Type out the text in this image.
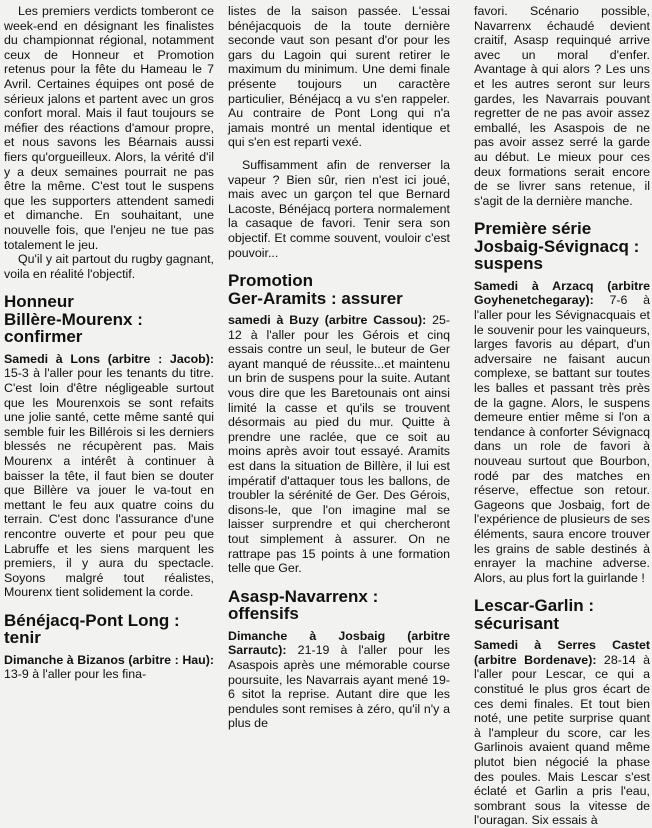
Les premiers verdicts tomberont ce week-end en désignant les finalistes du championnat régional, notamment ceux de Honneur et Promotion retenus pour la fête du Hameau le 7 Avril. Certaines équipes ont posé de sérieux jalons et partent avec un gros confort moral. Mais il faut toujours se méfier des réactions d'amour propre, et nous savons les Béarnais aussi fiers qu'orgueilleux. Alors, la vérité d'il y a deux semaines pourrait ne pas être la même. C'est tout le suspens que les supporters attendent samedi et dimanche. En souhaitant, une nouvelle fois, que l'enjeu ne tue pas totalement le jeu.

Qu'il y ait partout du rugby gagnant, voila en réalité l'objectif.

Honneur
Billère-Mourenx :
confirmer

Samedi à Lons (arbitre : Jacob): 15-3 à l'aller pour les tenants du titre. C'est loin d'être négligeable surtout que les Mourenxois se sont refaits une jolie santé, cette même santé qui semble fuir les Billérois si les derniers blessés ne récupèrent pas. Mais Mourenx a intérêt à continuer à baisser la tête, il faut bien se douter que Billère va jouer le va-tout en mettant le feu aux quatre coins du terrain. C'est donc l'assurance d'une rencontre ouverte et pour peu que Labruffe et les siens marquent les premiers, il y aura du spectacle. Soyons malgré tout réalistes, Mourenx tient solidement la corde.

Bénéjacq-Pont Long :
tenir

Dimanche à Bizanos (arbitre : Hau): 13-9 à l'aller pour les fina-

listes de la saison passée. L'essai bénéjacquois de la toute dernière seconde vaut son pesant d'or pour les gars du Lagoin qui surent retirer le maximum du minimum. Une demi finale présente toujours un caractère particulier, Bénéjacq a vu s'en rappeler. Au contraire de Pont Long qui n'a jamais montré un mental identique et qui s'en est reparti vexé.

Suffisamment afin de renverser la vapeur ? Bien sûr, rien n'est ici joué, mais avec un garçon tel que Bernard Lacoste, Bénéjacq portera normalement la casaque de favori. Tenir sera son objectif. Et comme souvent, vouloir c'est pouvoir...

Promotion
Ger-Aramits : assurer

samedi à Buzy (arbitre Cassou): 25-12 à l'aller pour les Gérois et cinq essais contre un seul, le buteur de Ger ayant manqué de réussite...et maintenu un brin de suspens pour la suite. Autant vous dire que les Baretounais ont ainsi limité la casse et qu'ils se trouvent désormais au pied du mur. Quitte à prendre une raclée, que ce soit au moins après avoir tout essayé. Aramits est dans la situation de Billère, il lui est impératif d'attaquer tous les ballons, de troubler la sérénité de Ger. Des Gérois, disons-le, que l'on imagine mal se laisser surprendre et qui chercheront tout simplement à assurer. On ne rattrape pas 15 points à une formation telle que Ger.

Asasp-Navarrenx :
offensifs

Dimanche à Josbaig (arbitre Sarrautc): 21-19 à l'aller pour les Asaspois après une mémorable course poursuite, les Navarrais ayant mené 19-6 sitot la reprise. Autant dire que les pendules sont remises à zéro, qu'il n'y a plus de

favori. Scénario possible, Navarrenx échaudé devient craitif, Asasp requinqué arrive avec un moral d'enfer. Avantage à qui alors ? Les uns et les autres seront sur leurs gardes, les Navarrais pouvant regretter de ne pas avoir assez emballé, les Asaspois de ne pas avoir assez serré la garde au début. Le mieux pour ces deux formations serait encore de se livrer sans retenue, il s'agit de la dernière manche.

Première série
Josbaig-Sévignacq :
suspens

Samedi à Arzacq (arbitre Goyhenetchegaray): 7-6 à l'aller pour les Sévignacquais et le souvenir pour les vainqueurs, larges favoris au départ, d'un adversaire ne faisant aucun complexe, se battant sur toutes les balles et passant très près de la gagne. Alors, le suspens demeure entier même si l'on a tendance à conforter Sévignacq dans un role de favori à nouveau surtout que Bourbon, rodé par des matches en réserve, effectue son retour. Gageons que Josbaig, fort de l'expérience de plusieurs de ses éléments, saura encore trouver les grains de sable destinés à enrayer la machine adverse. Alors, au plus fort la guirlande !

Lescar-Garlin :
sécurisant

Samedi à Serres Castet (arbitre Bordenave): 28-14 à l'aller pour Lescar, ce qui a constitué le plus gros écart de ces demi finales. Et tout bien noté, une petite surprise quant à l'ampleur du score, car les Garlinois avaient quand même plutot bien négocié la phase des poules. Mais Lescar s'est éclaté et Garlin a pris l'eau, sombrant sous la vitesse de l'ouragan. Six essais à
